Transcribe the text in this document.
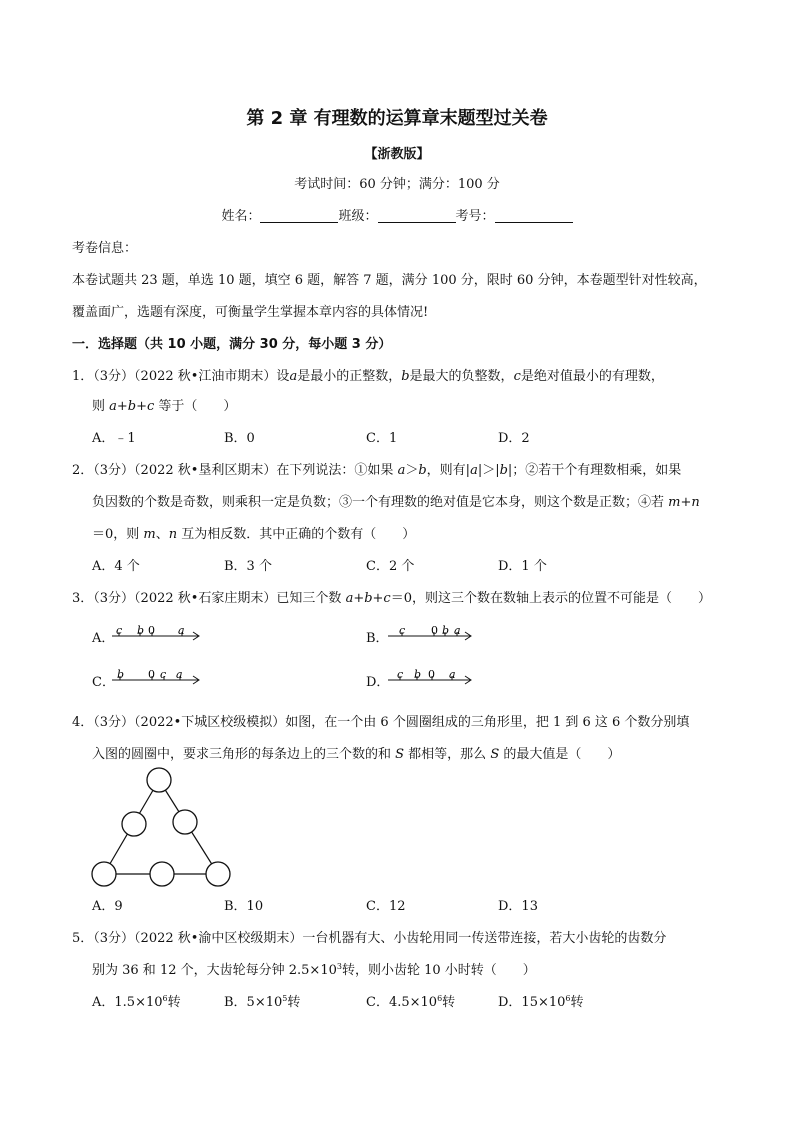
第 2 章 有理数的运算章末题型过关卷
【浙教版】
考试时间：60 分钟；满分：100 分
姓名：	班级：	考号：
考卷信息：
本卷试题共 23 题，单选 10 题，填空 6 题，解答 7 题，满分 100 分，限时 60 分钟，本卷题型针对性较高，
覆盖面广，选题有深度，可衡量学生掌握本章内容的具体情况!
一．选择题（共 10 小题，满分 30 分，每小题 3 分）
1．（3分）（2022 秋•江油市期末）设a是最小的正整数，b是最大的负整数，c是绝对值最小的有理数，
则 a+b+c 等于（　　）
A．﹣1	B．0	C．1	D．2
2．（3分）（2022 秋•垦利区期末）在下列说法：①如果 a＞b，则有|a|＞|b|；②若干个有理数相乘，如果
负因数的个数是奇数，则乘积一定是负数；③一个有理数的绝对值是它本身，则这个数是正数；④若 m+n
＝0，则 m、n 互为相反数．其中正确的个数有（　　）
A．4 个	B．3 个	C．2 个	D．1 个
3．（3分）（2022 秋•石家庄期末）已知三个数 a+b+c＝0，则这三个数在数轴上表示的位置不可能是（　　）
A．
c b 0 a
B．
c 0 b a
C．
b 0 c a
D．
c b 0 a
4．（3分）（2022•下城区校级模拟）如图，在一个由 6 个圆圈组成的三角形里，把 1 到 6 这 6 个数分别填
入图的圆圈中，要求三角形的每条边上的三个数的和 S 都相等，那么 S 的最大值是（　　）
A．9	B．10	C．12	D．13
5．（3分）（2022 秋•渝中区校级期末）一台机器有大、小齿轮用同一传送带连接，若大小齿轮的齿数分
别为 36 和 12 个，大齿轮每分钟 $2.5\times 10^3$转，则小齿轮 10 小时转（　　）
A．$1.5\times 10^6$转	B．$5\times 10^5$转	C．$4.5\times 10^6$转	D．$15\times 10^6$转
